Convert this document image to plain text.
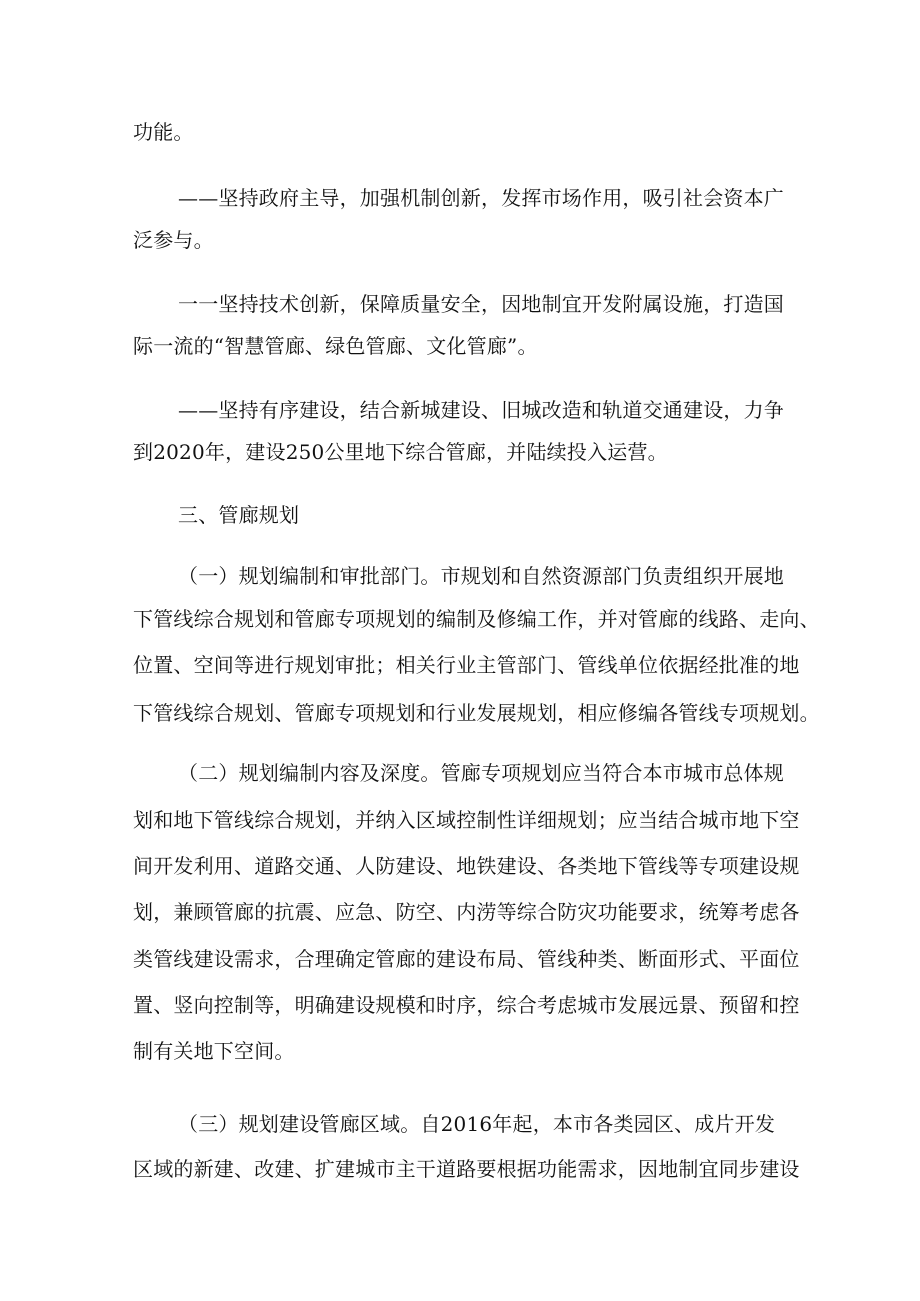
功能。
——坚持政府主导，加强机制创新，发挥市场作用，吸引社会资本广
泛参与。
一一坚持技术创新，保障质量安全，因地制宜开发附属设施，打造国
际一流的“智慧管廊、绿色管廊、文化管廊”。
——坚持有序建设，结合新城建设、旧城改造和轨道交通建设，力争
到2020年，建设250公里地下综合管廊，并陆续投入运营。
三、管廊规划
（一）规划编制和审批部门。市规划和自然资源部门负责组织开展地
下管线综合规划和管廊专项规划的编制及修编工作，并对管廊的线路、走向、
位置、空间等进行规划审批；相关行业主管部门、管线单位依据经批准的地
下管线综合规划、管廊专项规划和行业发展规划，相应修编各管线专项规划。
（二）规划编制内容及深度。管廊专项规划应当符合本市城市总体规
划和地下管线综合规划，并纳入区域控制性详细规划；应当结合城市地下空
间开发利用、道路交通、人防建设、地铁建设、各类地下管线等专项建设规
划，兼顾管廊的抗震、应急、防空、内涝等综合防灾功能要求，统筹考虑各
类管线建设需求，合理确定管廊的建设布局、管线种类、断面形式、平面位
置、竖向控制等，明确建设规模和时序，综合考虑城市发展远景、预留和控
制有关地下空间。
（三）规划建设管廊区域。自2016年起，本市各类园区、成片开发
区域的新建、改建、扩建城市主干道路要根据功能需求，因地制宜同步建设
